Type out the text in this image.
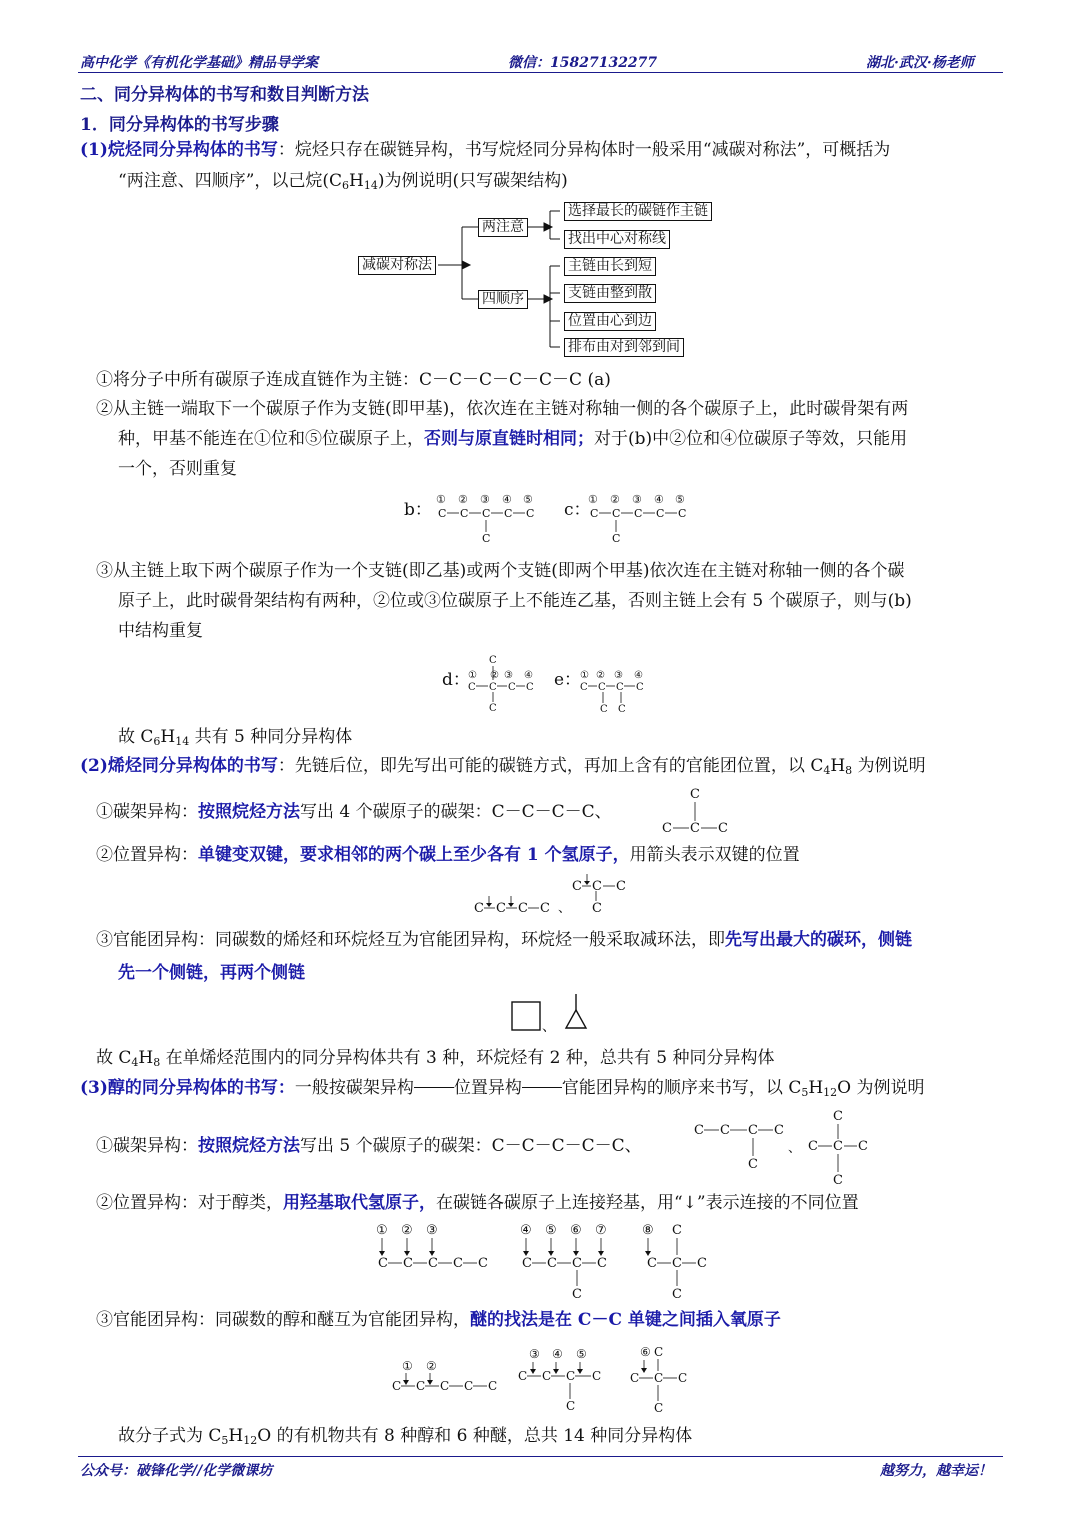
高中化学《有机化学基础》精品导学案	微信：15827132277	湖北·武汉·杨老师
二、同分异构体的书写和数目判断方法
1．同分异构体的书写步骤
(1)烷烃同分异构体的书写：烷烃只存在碳链异构，书写烷烃同分异构体时一般采用“减碳对称法”，可概括为
“两注意、四顺序”，以己烷$(C_6H_{14})$为例说明(只写碳架结构)
减碳对称法
两注意
四顺序
选择最长的碳链作主链
找出中心对称线
主链由长到短
支链由整到散
位置由心到边
排布由对到邻到间
①将分子中所有碳原子连成直链作为主链：C－C－C－C－C－C (a)
②从主链一端取下一个碳原子作为支链(即甲基)，依次连在主链对称轴一侧的各个碳原子上，此时碳骨架有两
种，甲基不能连在①位和⑤位碳原子上，否则与原直链时相同；对于(b)中②位和④位碳原子等效，只能用
一个，否则重复
b：
① ② ③ ④ ⑤
C C C C C
C
c：
① ② ③ ④ ⑤
C C C C C
C
③从主链上取下两个碳原子作为一个支链(即乙基)或两个支链(即两个甲基)依次连在主链对称轴一侧的各个碳
原子上，此时碳骨架结构有两种，②位或③位碳原子上不能连乙基，否则主链上会有 5 个碳原子，则与(b)
中结构重复
d：
C
① ② ③ ④
C C C C
C
e：
① ② ③ ④
C C C C
C C
故 $C_6H_{14}$ 共有 5 种同分异构体
(2)烯烃同分异构体的书写：先链后位，即先写出可能的碳链方式，再加上含有的官能团位置，以 $C_4H_8$ 为例说明
①碳架异构：按照烷烃方法写出 4 个碳原子的碳架：C－C－C－C、
C
C C C
②位置异构：单键变双键，要求相邻的两个碳上至少各有 1 个氢原子，用箭头表示双键的位置
C C C C 、
C C C
C
③官能团异构：同碳数的烯烃和环烷烃互为官能团异构，环烷烃一般采取减环法，即先写出最大的碳环，侧链
先一个侧链，再两个侧链
、
故 $C_4H_8$ 在单烯烃范围内的同分异构体共有 3 种，环烷烃有 2 种，总共有 5 种同分异构体
(3)醇的同分异构体的书写：一般按碳架异构 位置异构 官能团异构的顺序来书写，以 $C_5H_{12}O$ 为例说明
①碳架异构：按照烷烃方法写出 5 个碳原子的碳架：C－C－C－C－C、
C C C C
C
、
C
C C C
C
②位置异构：对于醇类，用羟基取代氢原子，在碳链各碳原子上连接羟基，用“↓”表示连接的不同位置
① ② ③
C C C C C
④ ⑤ ⑥ ⑦
C C C C
C
⑧ C
C C C
C
③官能团异构：同碳数的醇和醚互为官能团异构，醚的找法是在 C－C 单键之间插入氧原子
① ②
C C C C C
③ ④ ⑤
C C C C
C
⑥ C
C C C
C
故分子式为 $C_5H_{12}O$ 的有机物共有 8 种醇和 6 种醚，总共 14 种同分异构体
公众号：破锋化学//化学微课坊	越努力，越幸运！
